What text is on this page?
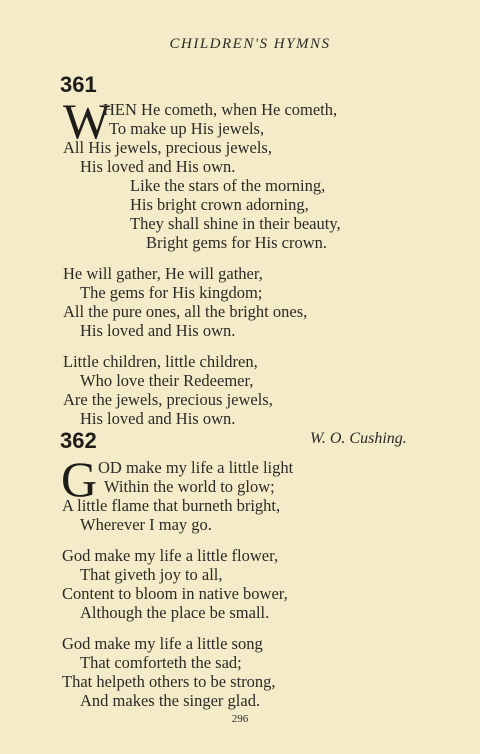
CHILDREN'S HYMNS
361
W
HEN He cometh, when He cometh,
To make up His jewels,
All His jewels, precious jewels,
His loved and His own.
Like the stars of the morning,
His bright crown adorning,
They shall shine in their beauty,
Bright gems for His crown.
He will gather, He will gather,
The gems for His kingdom;
All the pure ones, all the bright ones,
His loved and His own.
Little children, little children,
Who love their Redeemer,
Are the jewels, precious jewels,
His loved and His own.
W. O. Cushing.
362
G OD make my life a little light
Within the world to glow;
A little flame that burneth bright,
Wherever I may go.
God make my life a little flower,
That giveth joy to all,
Content to bloom in native bower,
Although the place be small.
God make my life a little song
That comforteth the sad;
That helpeth others to be strong,
And makes the singer glad.
296
